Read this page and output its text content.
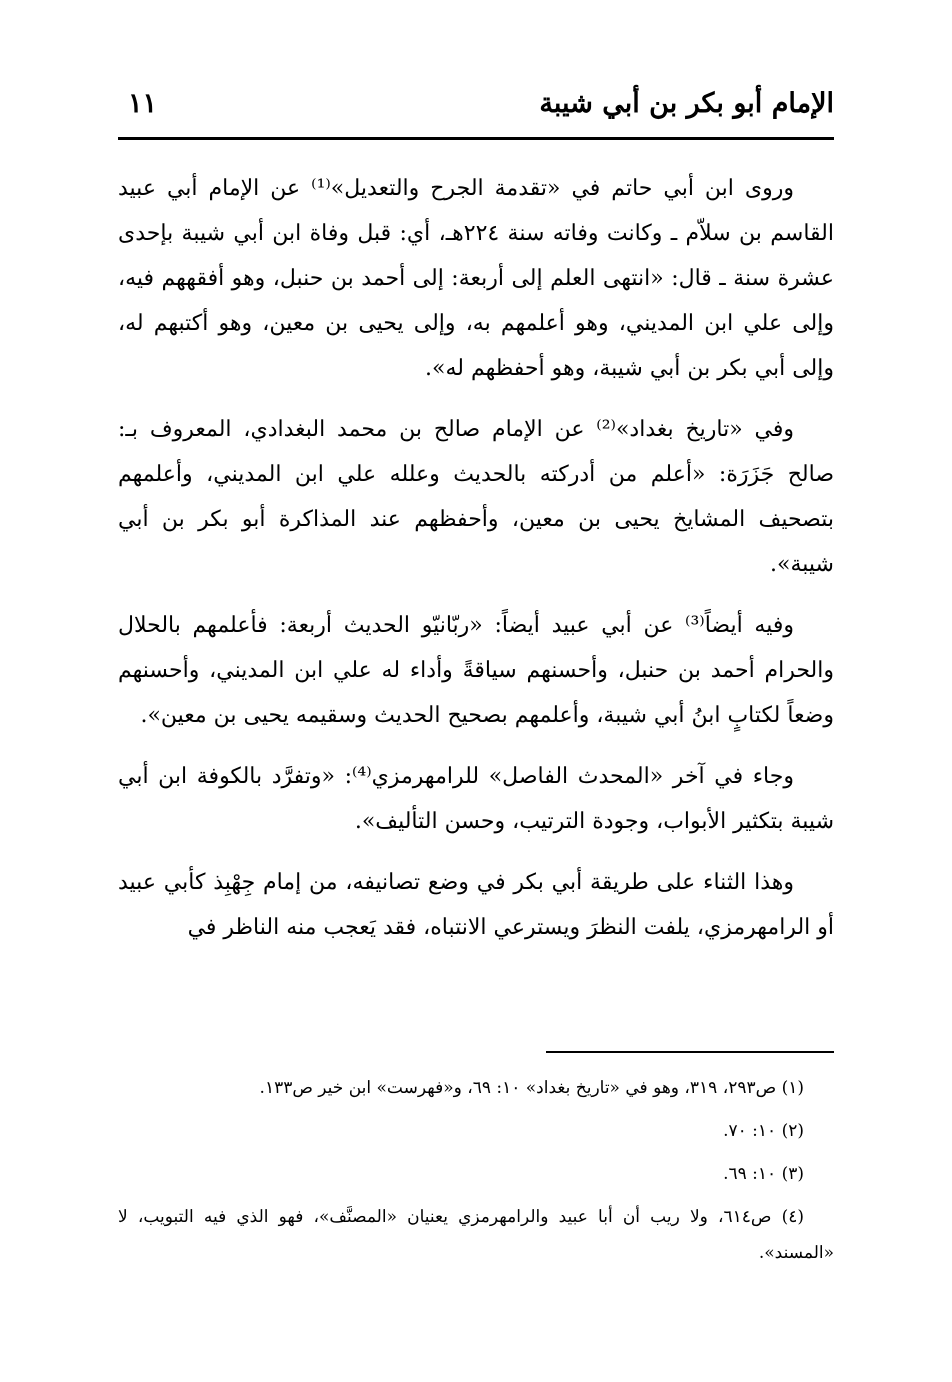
الإمام أبو بكر بن أبي شيبة
١١

وروى ابن أبي حاتم في «تقدمة الجرح والتعديل»⁽¹⁾ عن الإمام أبي عبيد القاسم بن سلاّم ـ وكانت وفاته سنة ٢٢٤هـ، أي: قبل وفاة ابن أبي شيبة بإحدى عشرة سنة ـ قال: «انتهى العلم إلى أربعة: إلى أحمد بن حنبل، وهو أفقههم فيه، وإلى علي ابن المديني، وهو أعلمهم به، وإلى يحيى بن معين، وهو أكتبهم له، وإلى أبي بكر بن أبي شيبة، وهو أحفظهم له».

وفي «تاريخ بغداد»⁽²⁾ عن الإمام صالح بن محمد البغدادي، المعروف بـ: صالح جَزَرَة: «أعلم من أدركته بالحديث وعلله علي ابن المديني، وأعلمهم بتصحيف المشايخ يحيى بن معين، وأحفظهم عند المذاكرة أبو بكر بن أبي شيبة».

وفيه أيضاً⁽³⁾ عن أبي عبيد أيضاً: «ربّانيّو الحديث أربعة: فأعلمهم بالحلال والحرام أحمد بن حنبل، وأحسنهم سياقةً وأداء له علي ابن المديني، وأحسنهم وضعاً لكتابٍ ابنُ أبي شيبة، وأعلمهم بصحيح الحديث وسقيمه يحيى بن معين».

وجاء في آخر «المحدث الفاصل» للرامهرمزي⁽⁴⁾: «وتفرَّد بالكوفة ابن أبي شيبة بتكثير الأبواب، وجودة الترتيب، وحسن التأليف».

وهذا الثناء على طريقة أبي بكر في وضع تصانيفه، من إمام جِهْبِذ كأبي عبيد أو الرامهرمزي، يلفت النظرَ ويسترعي الانتباه، فقد يَعجب منه الناظر في

(١) ص٢٩٣، ٣١٩، وهو في «تاريخ بغداد» ١٠: ٦٩، و«فهرست» ابن خير ص١٣٣.

(٢) ١٠: ٧٠.

(٣) ١٠: ٦٩.

(٤) ص٦١٤، ولا ريب أن أبا عبيد والرامهرمزي يعنيان «المصنَّف»، فهو الذي فيه التبويب، لا «المسند».
